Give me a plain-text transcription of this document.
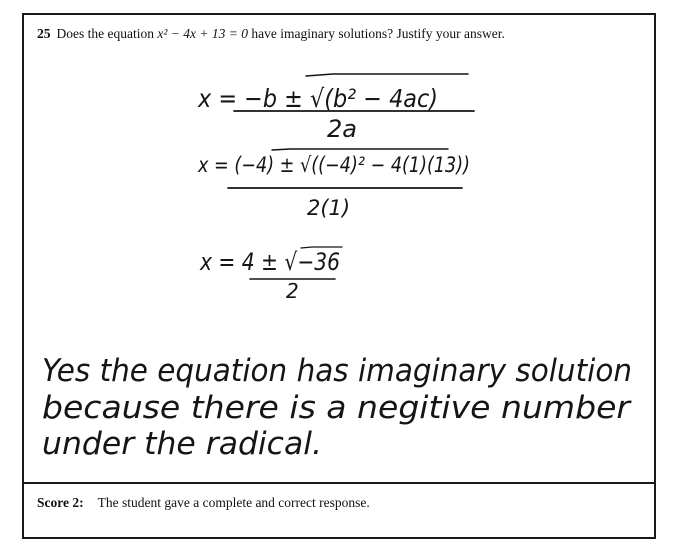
25 Does the equation x² − 4x + 13 = 0 have imaginary solutions? Justify your answer.
x = −b ± √(b² − 4ac)
2a
x = (−4) ± √((−4)² − 4(1)(13))
2(1)
x = 4 ± √−36
2
Yes the equation has imaginary solution
because there is a negitive number
under the radical.
Score 2: The student gave a complete and correct response.
